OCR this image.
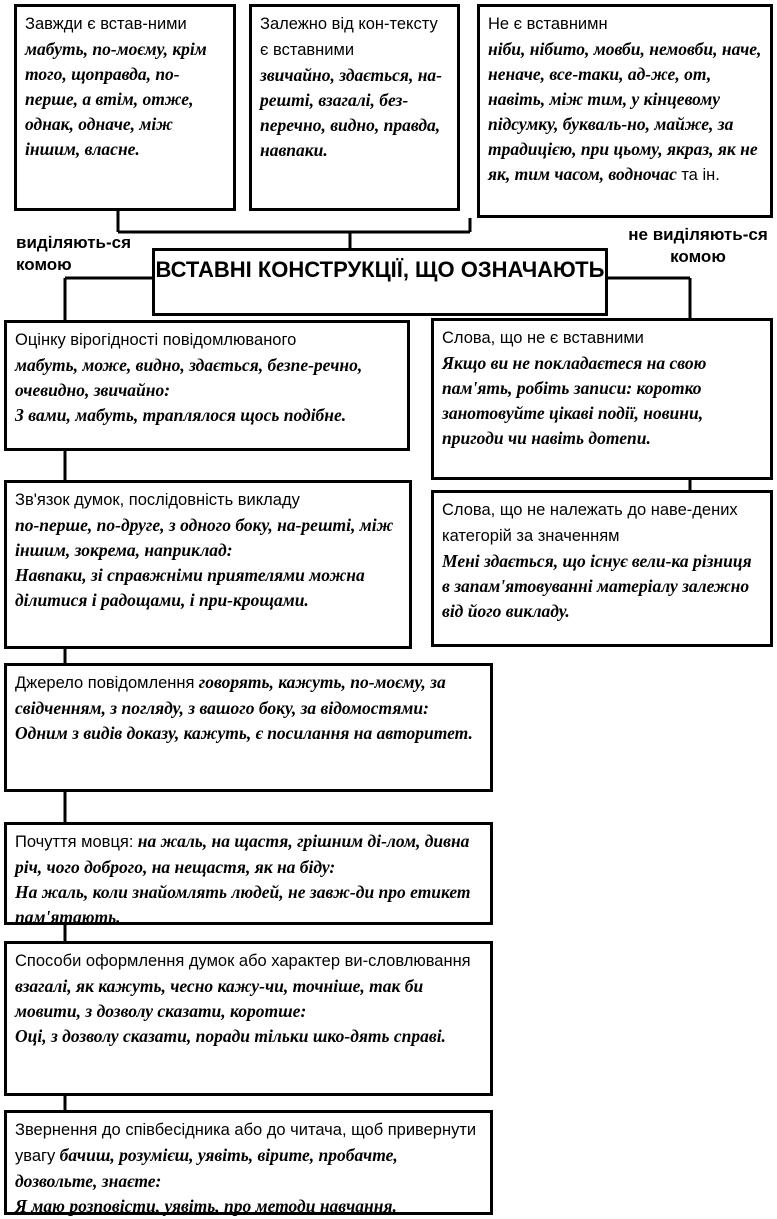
Завжди є встав-ними
мабуть, по-моєму, крім того, щоправда, по-перше, а втім, отже, однак, одначе, між іншим, власне.
Залежно від кон-тексту є вставними
звичайно, здається, на-решті, взагалі, без-перечно, видно, правда, навпаки.
Не є вставнимн
ніби, нібито, мовби, немовби, наче, неначе, все-таки, ад-же, от, навіть, між тим, у кінцевому підсумку, букваль-но, майже, за традицією, при цьому, якраз, як не як, тим часом, водночас та ін.
виділяють-ся комою
не виділяють-ся комою
ВСТАВНІ КОНСТРУКЦІЇ, ЩО ОЗНАЧАЮТЬ
Оцінку вірогідності повідомлюваного
мабуть, може, видно, здається, безпе-речно, очевидно, звичайно:
З вами, мабуть, траплялося щось подібне.
Зв'язок думок, послідовність викладу
по-перше, по-друге, з одного боку, на-решті, між іншим, зокрема, наприклад:
Навпаки, зі справжніми приятелями можна ділитися і радощами, і при-крощами.
Джерело повідомлення говорять, кажуть, по-моєму, за свідченням, з погляду, з вашого боку, за відомостями:
Одним з видів доказу, кажуть, є посилання на авторитет.
Почуття мовця: на жаль, на щастя, грішним ді-лом, дивна річ, чого доброго, на нещастя, як на біду:
На жаль, коли знайомлять людей, не завж-ди про етикет пам'ятають.
Способи оформлення думок або характер ви-словлювання взагалі, як кажуть, чесно кажу-чи, точніше, так би мовити, з дозволу сказати, коротше:
Оці, з дозволу сказати, поради тільки шко-дять справі.
Звернення до співбесідника або до читача, щоб привернути увагу бачиш, розумієш, уявіть, вірите, пробачте, дозвольте, знаєте:
Я маю розповісти, уявіть, про методи навчання.
Слова, що не є вставними
Якщо ви не покладаєтеся на свою пам'ять, робіть записи: коротко занотовуйте цікаві події, новини, пригоди чи навіть дотепи.
Слова, що не належать до наве-дених категорій за значенням
Мені здається, що існує вели-ка різниця в запам'ятовуванні матеріалу залежно від його викладу.
